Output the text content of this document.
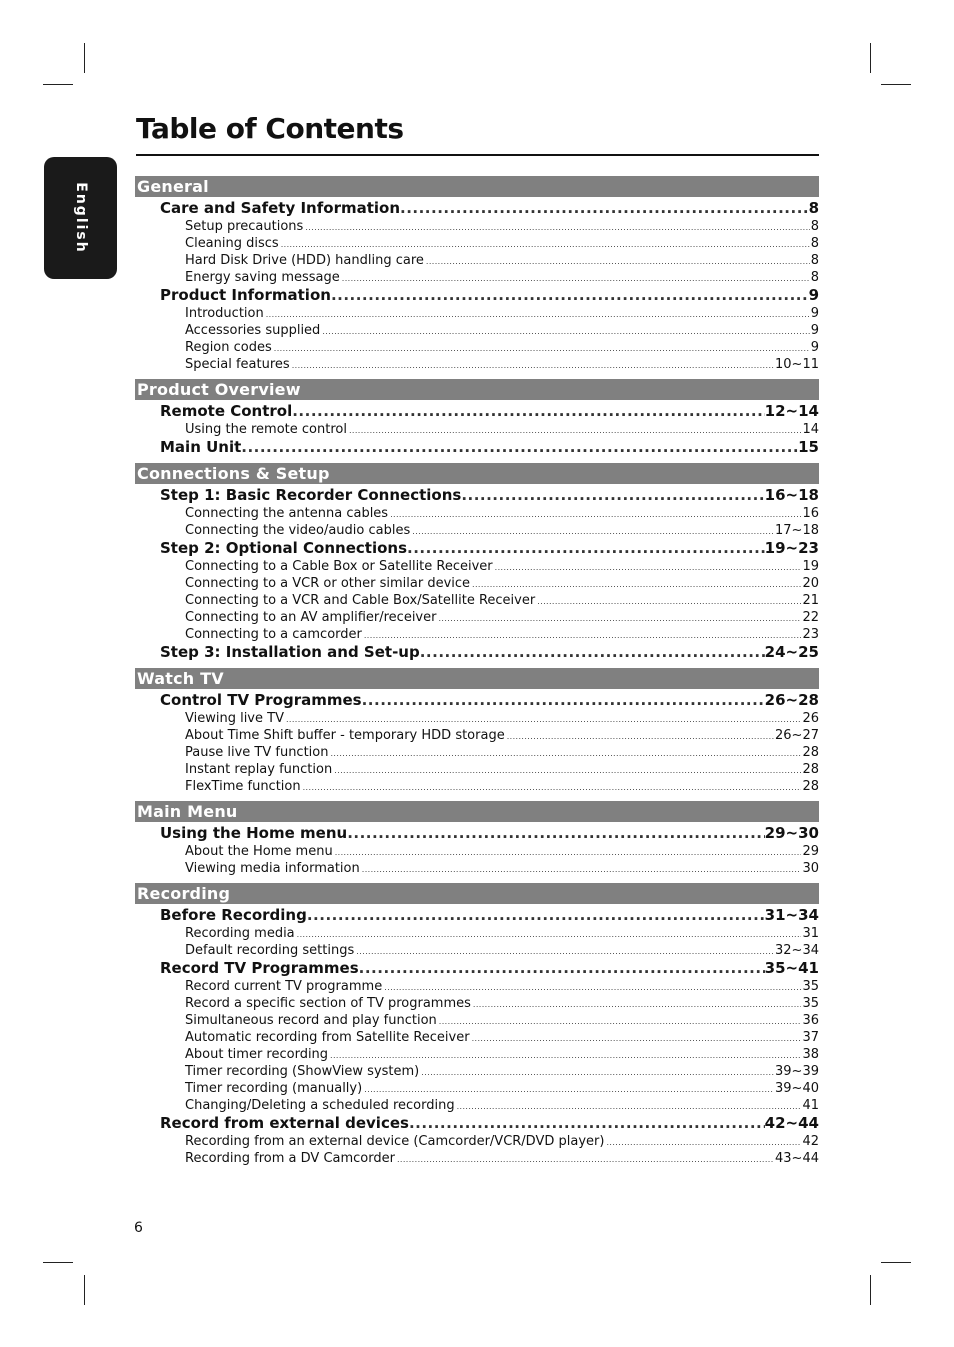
English
Table of Contents
General
Care and Safety Information .....	8
Setup precautions .....	8
Cleaning discs .....	8
Hard Disk Drive (HDD) handling care .....	8
Energy saving message .....	8
Product Information .....	9
Introduction .....	9
Accessories supplied .....	9
Region codes .....	9
Special features .....	10~11
Product Overview
Remote Control .....	12~14
Using the remote control .....	14
Main Unit .....	15
Connections & Setup
Step 1: Basic Recorder Connections .....	16~18
Connecting the antenna cables .....	16
Connecting the video/audio cables .....	17~18
Step 2: Optional Connections .....	19~23
Connecting to a Cable Box or Satellite Receiver .....	19
Connecting to a VCR or other similar device .....	20
Connecting to a VCR and Cable Box/Satellite Receiver .....	21
Connecting to an AV amplifier/receiver .....	22
Connecting to a camcorder .....	23
Step 3: Installation and Set-up .....	24~25
Watch TV
Control TV Programmes .....	26~28
Viewing live TV .....	26
About Time Shift buffer - temporary HDD storage .....	26~27
Pause live TV function .....	28
Instant replay function .....	28
FlexTime function .....	28
Main Menu
Using the Home menu .....	29~30
About the Home menu .....	29
Viewing media information .....	30
Recording
Before Recording .....	31~34
Recording media .....	31
Default recording settings .....	32~34
Record TV Programmes .....	35~41
Record current TV programme .....	35
Record a specific section of TV programmes .....	35
Simultaneous record and play function .....	36
Automatic recording from Satellite Receiver .....	37
About timer recording .....	38
Timer recording (ShowView system) .....	39~39
Timer recording (manually) .....	39~40
Changing/Deleting a scheduled recording .....	41
Record from external devices .....	42~44
Recording from an external device (Camcorder/VCR/DVD player) .....	42
Recording from a DV Camcorder .....	43~44
6
